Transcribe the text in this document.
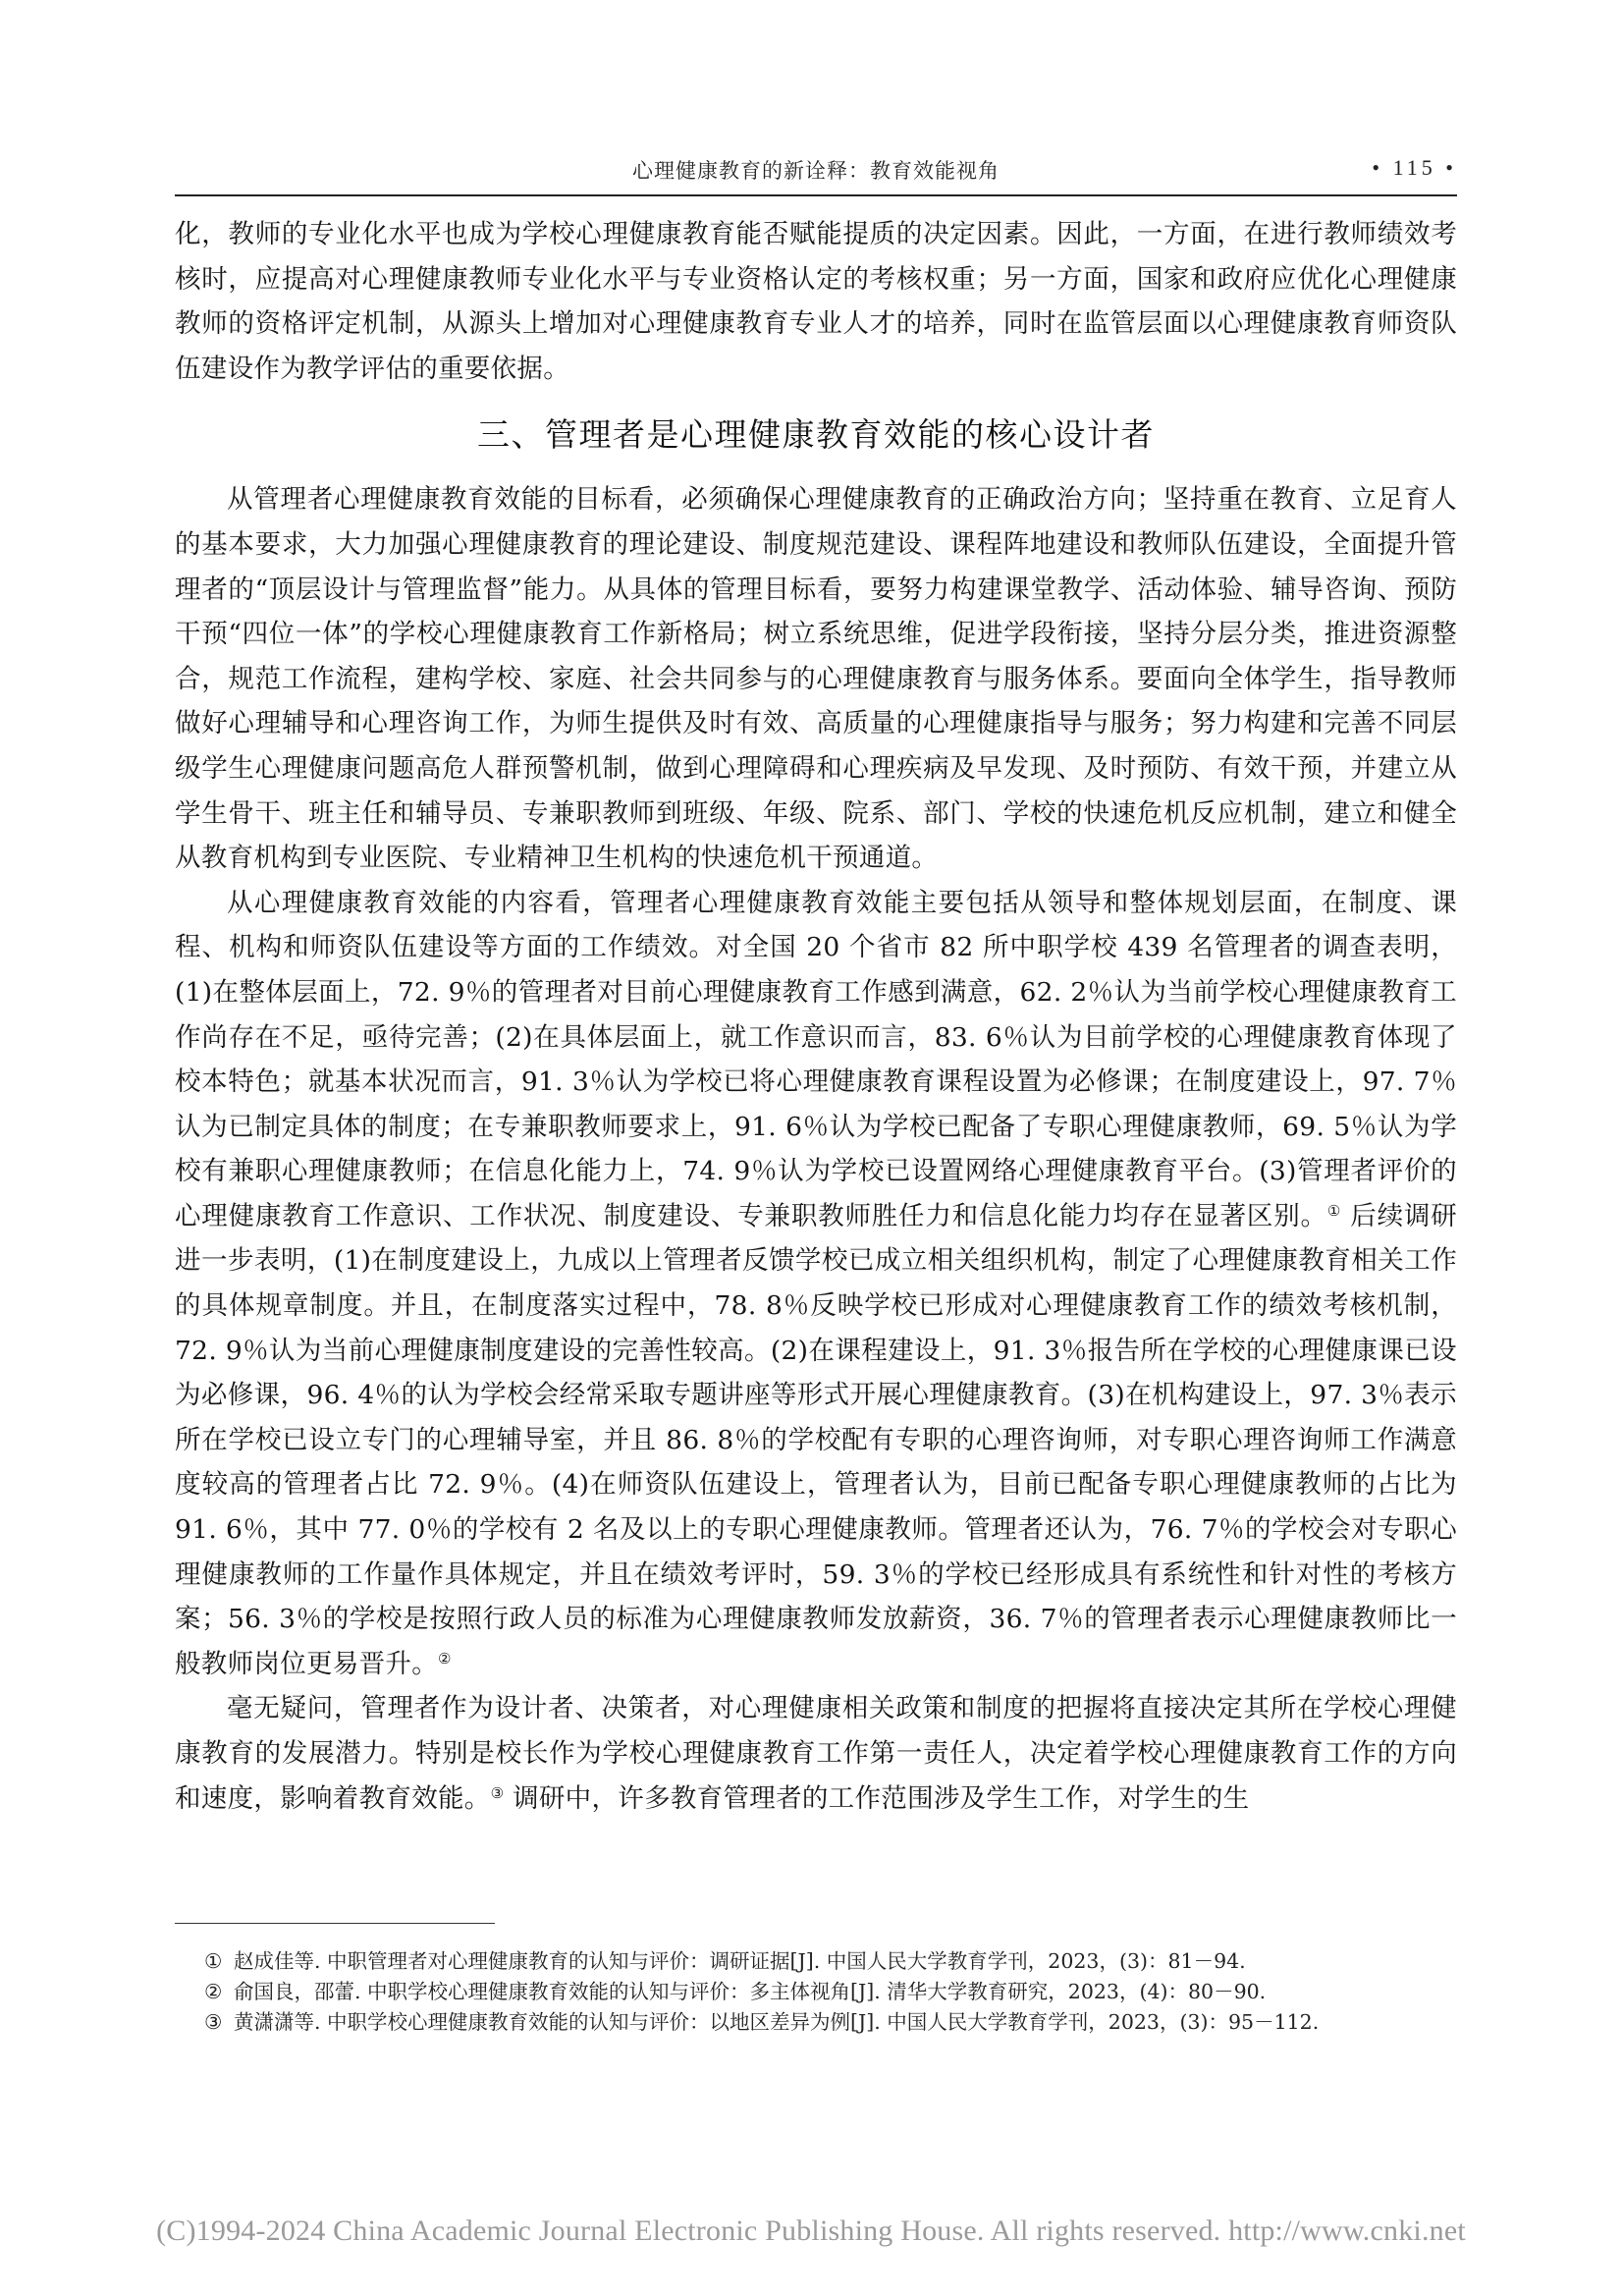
心理健康教育的新诠释：教育效能视角	• 115 •

化，教师的专业化水平也成为学校心理健康教育能否赋能提质的决定因素。因此，一方面，在进行教师绩效考核时，应提高对心理健康教师专业化水平与专业资格认定的考核权重；另一方面，国家和政府应优化心理健康教师的资格评定机制，从源头上增加对心理健康教育专业人才的培养，同时在监管层面以心理健康教育师资队伍建设作为教学评估的重要依据。

三、管理者是心理健康教育效能的核心设计者

从管理者心理健康教育效能的目标看，必须确保心理健康教育的正确政治方向；坚持重在教育、立足育人的基本要求，大力加强心理健康教育的理论建设、制度规范建设、课程阵地建设和教师队伍建设，全面提升管理者的“顶层设计与管理监督”能力。从具体的管理目标看，要努力构建课堂教学、活动体验、辅导咨询、预防干预“四位一体”的学校心理健康教育工作新格局；树立系统思维，促进学段衔接，坚持分层分类，推进资源整合，规范工作流程，建构学校、家庭、社会共同参与的心理健康教育与服务体系。要面向全体学生，指导教师做好心理辅导和心理咨询工作，为师生提供及时有效、高质量的心理健康指导与服务；努力构建和完善不同层级学生心理健康问题高危人群预警机制，做到心理障碍和心理疾病及早发现、及时预防、有效干预，并建立从学生骨干、班主任和辅导员、专兼职教师到班级、年级、院系、部门、学校的快速危机反应机制，建立和健全从教育机构到专业医院、专业精神卫生机构的快速危机干预通道。

从心理健康教育效能的内容看，管理者心理健康教育效能主要包括从领导和整体规划层面，在制度、课程、机构和师资队伍建设等方面的工作绩效。对全国 20 个省市 82 所中职学校 439 名管理者的调查表明，(1)在整体层面上，72. 9％的管理者对目前心理健康教育工作感到满意，62. 2％认为当前学校心理健康教育工作尚存在不足，亟待完善；(2)在具体层面上，就工作意识而言，83. 6％认为目前学校的心理健康教育体现了校本特色；就基本状况而言，91. 3％认为学校已将心理健康教育课程设置为必修课；在制度建设上，97. 7％认为已制定具体的制度；在专兼职教师要求上，91. 6％认为学校已配备了专职心理健康教师，69. 5％认为学校有兼职心理健康教师；在信息化能力上，74. 9％认为学校已设置网络心理健康教育平台。(3)管理者评价的心理健康教育工作意识、工作状况、制度建设、专兼职教师胜任力和信息化能力均存在显著区别。① 后续调研进一步表明，(1)在制度建设上，九成以上管理者反馈学校已成立相关组织机构，制定了心理健康教育相关工作的具体规章制度。并且，在制度落实过程中，78. 8％反映学校已形成对心理健康教育工作的绩效考核机制，72. 9％认为当前心理健康制度建设的完善性较高。(2)在课程建设上，91. 3％报告所在学校的心理健康课已设为必修课，96. 4％的认为学校会经常采取专题讲座等形式开展心理健康教育。(3)在机构建设上，97. 3％表示所在学校已设立专门的心理辅导室，并且 86. 8％的学校配有专职的心理咨询师，对专职心理咨询师工作满意度较高的管理者占比 72. 9％。(4)在师资队伍建设上，管理者认为，目前已配备专职心理健康教师的占比为 91. 6％，其中 77. 0％的学校有 2 名及以上的专职心理健康教师。管理者还认为，76. 7％的学校会对专职心理健康教师的工作量作具体规定，并且在绩效考评时，59. 3％的学校已经形成具有系统性和针对性的考核方案；56. 3％的学校是按照行政人员的标准为心理健康教师发放薪资，36. 7％的管理者表示心理健康教师比一般教师岗位更易晋升。②

毫无疑问，管理者作为设计者、决策者，对心理健康相关政策和制度的把握将直接决定其所在学校心理健康教育的发展潜力。特别是校长作为学校心理健康教育工作第一责任人，决定着学校心理健康教育工作的方向和速度，影响着教育效能。③ 调研中，许多教育管理者的工作范围涉及学生工作，对学生的生

① 赵成佳等. 中职管理者对心理健康教育的认知与评价：调研证据[J]. 中国人民大学教育学刊，2023，(3)：81－94.
② 俞国良，邵蕾. 中职学校心理健康教育效能的认知与评价：多主体视角[J]. 清华大学教育研究，2023，(4)：80－90.
③ 黄潇潇等. 中职学校心理健康教育效能的认知与评价：以地区差异为例[J]. 中国人民大学教育学刊，2023，(3)：95－112.
(C)1994-2024 China Academic Journal Electronic Publishing House. All rights reserved. http://www.cnki.net
